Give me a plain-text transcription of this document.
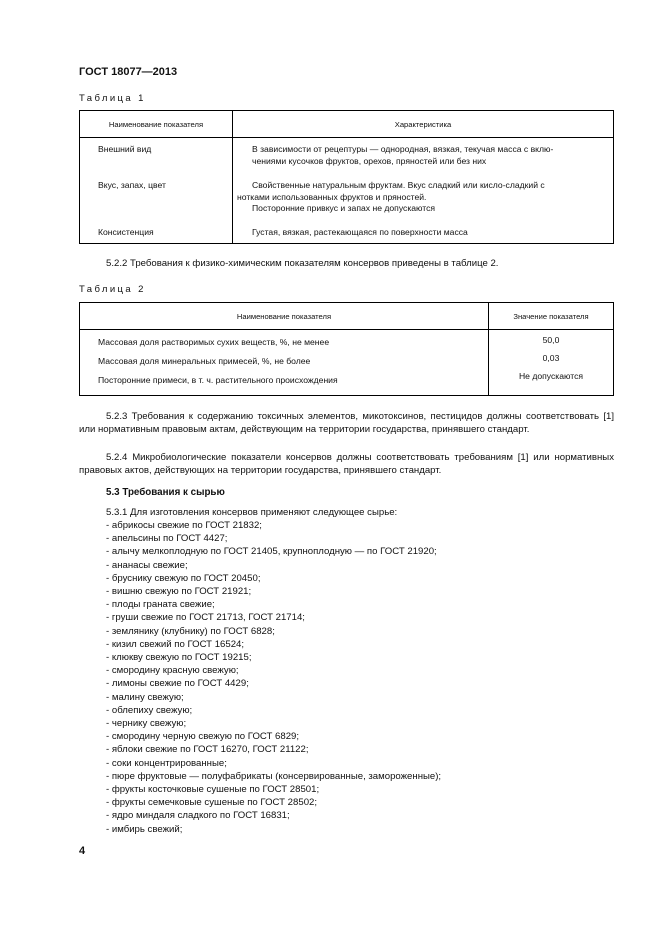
ГОСТ 18077—2013
Таблица 1
Наименование показателя	Характеристика
Внешний вид	В зависимости от рецептуры — однородная, вязкая, текучая масса с вклю-
чениями кусочков фруктов, орехов, пряностей или без них
Вкус, запах, цвет	Свойственные натуральным фруктам. Вкус сладкий или кисло-сладкий с
нотками использованных фруктов и пряностей.
Посторонние привкус и запах не допускаются
Консистенция	Густая, вязкая, растекающаяся по поверхности масса
5.2.2 Требования к физико-химическим показателям консервов приведены в таблице 2.
Таблица 2
Наименование показателя	Значение показателя
Массовая доля растворимых сухих веществ, %, не менее	50,0
Массовая доля минеральных примесей, %, не более	0,03
Посторонние примеси, в т. ч. растительного происхождения	Не допускаются
5.2.3 Требования к содержанию токсичных элементов, микотоксинов, пестицидов должны соответствовать [1] или нормативным правовым актам, действующим на территории государства, принявшего стандарт.
5.2.4 Микробиологические показатели консервов должны соответствовать требованиям [1] или нормативных правовых актов, действующих на территории государства, принявшего стандарт.
5.3 Требования к сырью
5.3.1 Для изготовления консервов применяют следующее сырье:
- абрикосы свежие по ГОСТ 21832;
- апельсины по ГОСТ 4427;
- алычу мелкоплодную по ГОСТ 21405, крупноплодную — по ГОСТ 21920;
- ананасы свежие;
- бруснику свежую по ГОСТ 20450;
- вишню свежую по ГОСТ 21921;
- плоды граната свежие;
- груши свежие по ГОСТ 21713, ГОСТ 21714;
- землянику (клубнику) по ГОСТ 6828;
- кизил свежий по ГОСТ 16524;
- клюкву свежую по ГОСТ 19215;
- смородину красную свежую;
- лимоны свежие по ГОСТ 4429;
- малину свежую;
- облепиху свежую;
- чернику свежую;
- смородину черную свежую по ГОСТ 6829;
- яблоки свежие по ГОСТ 16270, ГОСТ 21122;
- соки концентрированные;
- пюре фруктовые — полуфабрикаты (консервированные, замороженные);
- фрукты косточковые сушеные по ГОСТ 28501;
- фрукты семечковые сушеные по ГОСТ 28502;
- ядро миндаля сладкого по ГОСТ 16831;
- имбирь свежий;
4
